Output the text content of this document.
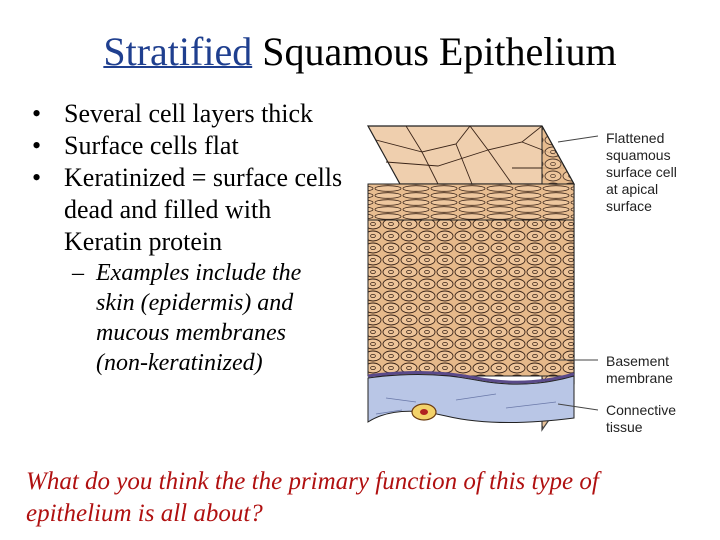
Stratified Squamous Epithelium
• Several cell layers thick
• Surface cells flat
• Keratinized = surface cells
dead and filled with
Keratin protein
– Examples include the
skin (epidermis) and
mucous membranes
(non-keratinized)
Flattened
squamous
surface cell
at apical
surface
Basement
membrane
Connective
tissue
What do you think the the primary function of this type of epithelium is all about?
